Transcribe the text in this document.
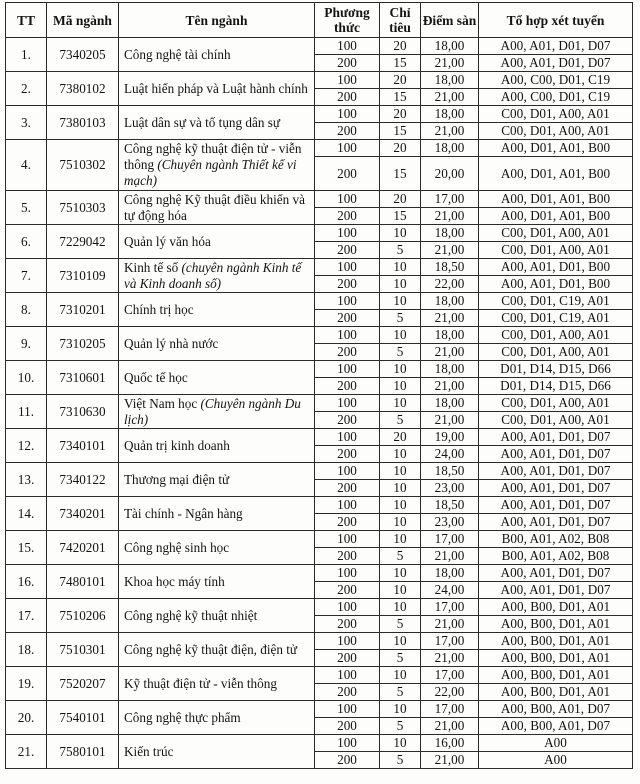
TT	Mã ngành	Tên ngành	Phương thức	Chỉ tiêu	Điểm sàn	Tổ hợp xét tuyển
1.	7340205	Công nghệ tài chính	100	20	18,00	A00, A01, D01, D07
			200	15	21,00	A00, A01, D01, D07
2.	7380102	Luật hiến pháp và Luật hành chính	100	20	18,00	A00, C00, D01, C19
			200	15	21,00	A00, C00, D01, C19
3.	7380103	Luật dân sự và tố tụng dân sự	100	20	18,00	C00, D01, A00, A01
			200	15	21,00	C00, D01, A00, A01
4.	7510302	Công nghệ kỹ thuật điện tử - viễn thông (Chuyên ngành Thiết kế vi mạch)	100	20	18,00	A00, D01, A01, B00
			200	15	20,00	A00, D01, A01, B00
5.	7510303	Công nghệ Kỹ thuật điều khiển và tự động hóa	100	20	17,00	A00, D01, A01, B00
			200	15	21,00	A00, D01, A01, B00
6.	7229042	Quản lý văn hóa	100	10	18,00	C00, D01, A00, A01
			200	5	21,00	C00, D01, A00, A01
7.	7310109	Kinh tế số (chuyên ngành Kinh tế và Kinh doanh số)	100	10	18,50	A00, A01, D01, B00
			200	10	22,00	A00, A01, D01, B00
8.	7310201	Chính trị học	100	10	18,00	C00, D01, C19, A01
			200	5	21,00	C00, D01, C19, A01
9.	7310205	Quản lý nhà nước	100	10	18,00	C00, D01, A00, A01
			200	5	21,00	C00, D01, A00, A01
10.	7310601	Quốc tế học	100	10	18,00	D01, D14, D15, D66
			200	10	21,00	D01, D14, D15, D66
11.	7310630	Việt Nam học (Chuyên ngành Du lịch)	100	10	18,00	C00, D01, A00, A01
			200	5	21,00	C00, D01, A00, A01
12.	7340101	Quản trị kinh doanh	100	20	19,00	A00, A01, D01, D07
			200	10	24,00	A00, A01, D01, D07
13.	7340122	Thương mại điện tử	100	10	18,50	A00, A01, D01, D07
			200	10	23,00	A00, A01, D01, D07
14.	7340201	Tài chính - Ngân hàng	100	10	18,50	A00, A01, D01, D07
			200	10	23,00	A00, A01, D01, D07
15.	7420201	Công nghệ sinh học	100	10	17,00	B00, A01, A02, B08
			200	5	21,00	B00, A01, A02, B08
16.	7480101	Khoa học máy tính	100	10	18,00	A00, A01, D01, D07
			200	10	24,00	A00, A01, D01, D07
17.	7510206	Công nghệ kỹ thuật nhiệt	100	10	17,00	A00, B00, D01, A01
			200	5	21,00	A00, B00, D01, A01
18.	7510301	Công nghệ kỹ thuật điện, điện tử	100	10	17,00	A00, B00, D01, A01
			200	5	21,00	A00, B00, D01, A01
19.	7520207	Kỹ thuật điện tử - viễn thông	100	10	17,00	A00, B00, D01, A01
			200	5	22,00	A00, B00, D01, A01
20.	7540101	Công nghệ thực phẩm	100	10	17,00	A00, B00, A01, D07
			200	5	21,00	A00, B00, A01, D07
21.	7580101	Kiến trúc	100	10	16,00	A00
			200	5	21,00	A00
